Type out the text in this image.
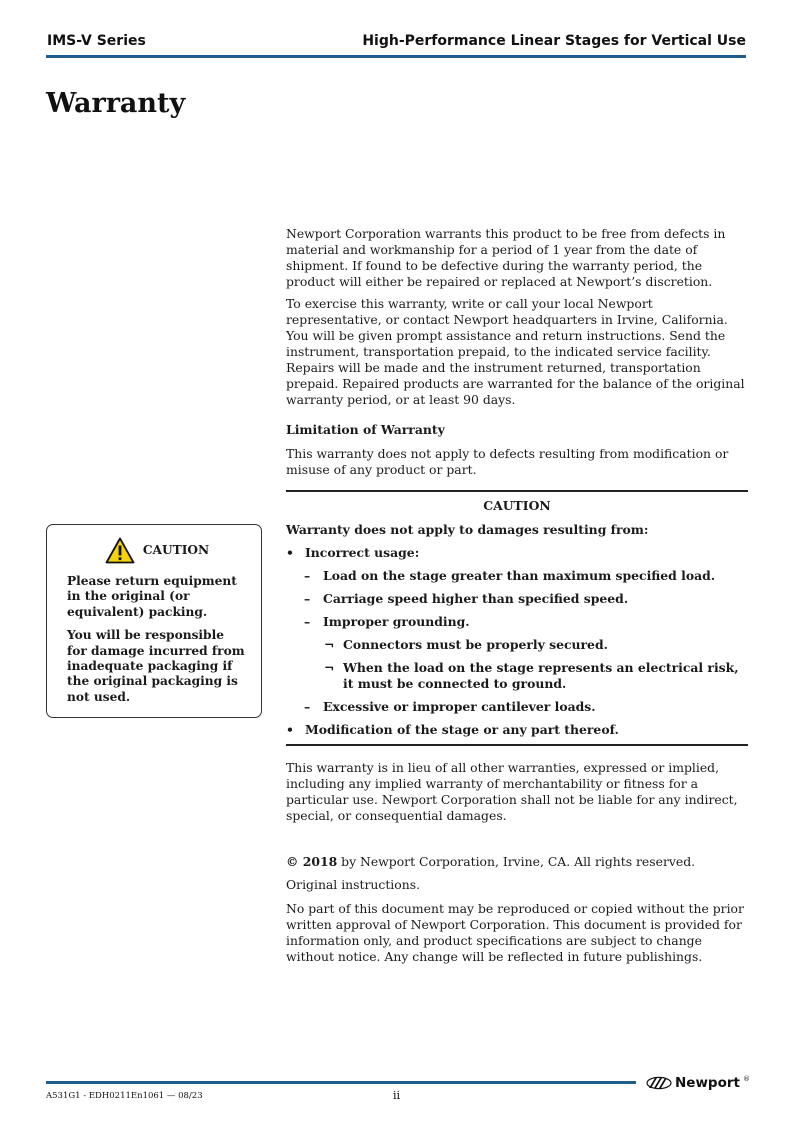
IMS-V Series	High-Performance Linear Stages for Vertical Use
Warranty

Newport Corporation warrants this product to be free from defects in material and workmanship for a period of 1 year from the date of shipment. If found to be defective during the warranty period, the product will either be repaired or replaced at Newport’s discretion.

To exercise this warranty, write or call your local Newport representative, or contact Newport headquarters in Irvine, California. You will be given prompt assistance and return instructions. Send the instrument, transportation prepaid, to the indicated service facility. Repairs will be made and the instrument returned, transportation prepaid. Repaired products are warranted for the balance of the original warranty period, or at least 90 days.

Limitation of Warranty

This warranty does not apply to defects resulting from modification or misuse of any product or part.

CAUTION

Warranty does not apply to damages resulting from:

• Incorrect usage:
–	Load on the stage greater than maximum specified load.
–	Carriage speed higher than specified speed.
–	Improper grounding.
¬ Connectors must be properly secured.
¬ When the load on the stage represents an electrical risk, it must be connected to ground.
–	Excessive or improper cantilever loads.
• Modification of the stage or any part thereof.

This warranty is in lieu of all other warranties, expressed or implied, including any implied warranty of merchantability or fitness for a particular use. Newport Corporation shall not be liable for any indirect, special, or consequential damages.

© 2018 by Newport Corporation, Irvine, CA. All rights reserved.

Original instructions.

No part of this document may be reproduced or copied without the prior written approval of Newport Corporation. This document is provided for information only, and product specifications are subject to change without notice. Any change will be reflected in future publishings.

CAUTION

Please return equipment in the original (or equivalent) packing.

You will be responsible for damage incurred from inadequate packaging if the original packaging is not used.

A531G1 - EDH0211En1061 — 08/23	ii
Newport ®
